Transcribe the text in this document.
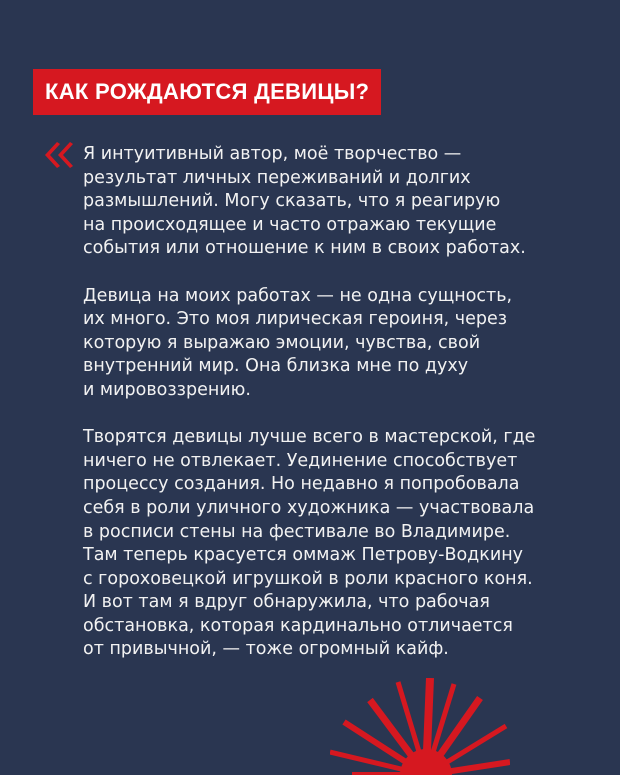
КАК РОЖДАЮТСЯ ДЕВИЦЫ?

Я интуитивный автор, моё творчество —
результат личных переживаний и долгих
размышлений. Могу сказать, что я реагирую
на происходящее и часто отражаю текущие
события или отношение к ним в своих работах.

Девица на моих работах — не одна сущность,
их много. Это моя лирическая героиня, через
которую я выражаю эмоции, чувства, свой
внутренний мир. Она близка мне по духу
и мировоззрению.

Творятся девицы лучше всего в мастерской, где
ничего не отвлекает. Уединение способствует
процессу создания. Но недавно я попробовала
себя в роли уличного художника — участвовала
в росписи стены на фестивале во Владимире.
Там теперь красуется оммаж Петрову-Водкину
с гороховецкой игрушкой в роли красного коня.
И вот там я вдруг обнаружила, что рабочая
обстановка, которая кардинально отличается
от привычной, — тоже огромный кайф.
